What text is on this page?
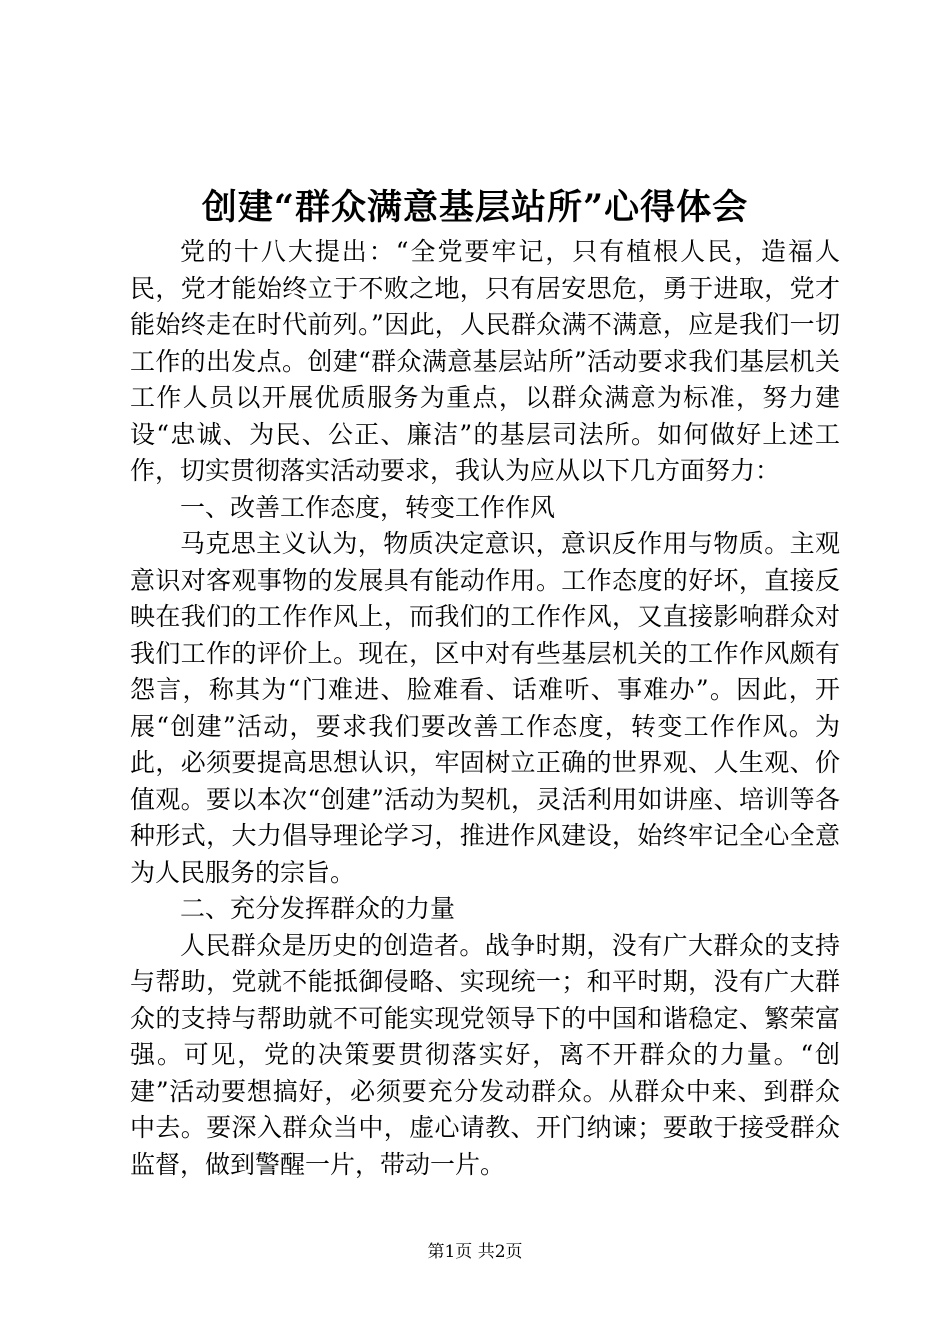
创建“群众满意基层站所”心得体会

党的十八大提出：“全党要牢记，只有植根人民，造福人民，党才能始终立于不败之地，只有居安思危，勇于进取，党才能始终走在时代前列。”因此，人民群众满不满意，应是我们一切工作的出发点。创建“群众满意基层站所”活动要求我们基层机关工作人员以开展优质服务为重点，以群众满意为标准，努力建设“忠诚、为民、公正、廉洁”的基层司法所。如何做好上述工作，切实贯彻落实活动要求，我认为应从以下几方面努力：

一、改善工作态度，转变工作作风

马克思主义认为，物质决定意识，意识反作用与物质。主观意识对客观事物的发展具有能动作用。工作态度的好坏，直接反映在我们的工作作风上，而我们的工作作风，又直接影响群众对我们工作的评价上。现在，区中对有些基层机关的工作作风颇有怨言，称其为“门难进、脸难看、话难听、事难办”。因此，开展“创建”活动，要求我们要改善工作态度，转变工作作风。为此，必须要提高思想认识，牢固树立正确的世界观、人生观、价值观。要以本次“创建”活动为契机，灵活利用如讲座、培训等各种形式，大力倡导理论学习，推进作风建设，始终牢记全心全意为人民服务的宗旨。

二、充分发挥群众的力量

人民群众是历史的创造者。战争时期，没有广大群众的支持与帮助，党就不能抵御侵略、实现统一；和平时期，没有广大群众的支持与帮助就不可能实现党领导下的中国和谐稳定、繁荣富强。可见，党的决策要贯彻落实好，离不开群众的力量。“创建”活动要想搞好，必须要充分发动群众。从群众中来、到群众中去。要深入群众当中，虚心请教、开门纳谏；要敢于接受群众监督，做到警醒一片，带动一片。

第1页 共2页
